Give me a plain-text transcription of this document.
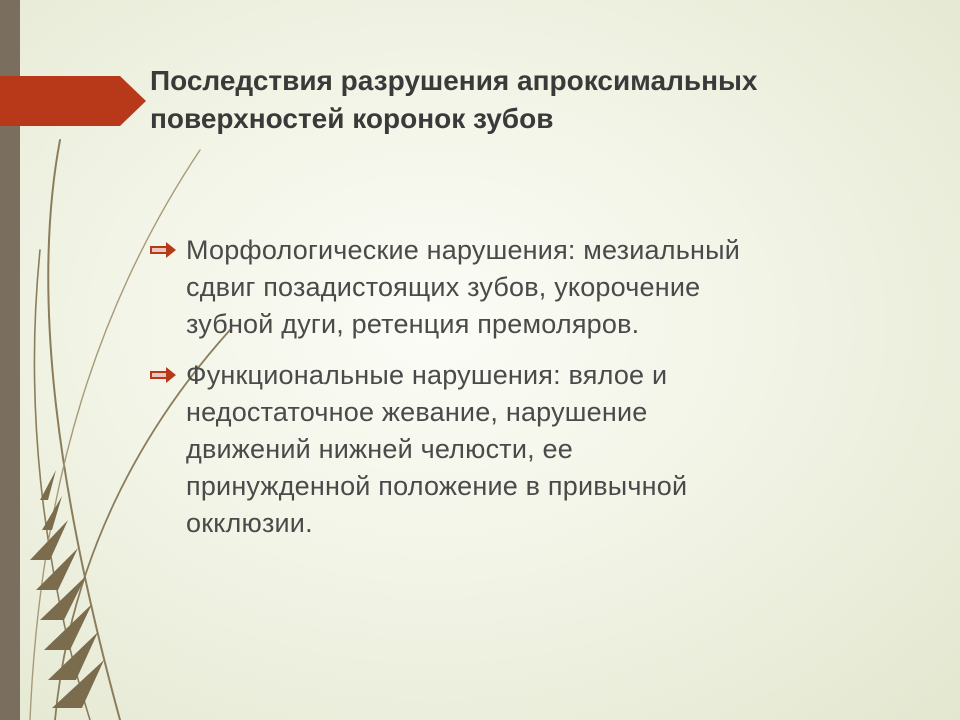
Последствия разрушения апроксимальных
поверхностей коронок зубов
Морфологические нарушения: мезиальный
сдвиг позадистоящих зубов, укорочение
зубной дуги, ретенция премоляров.
Функциональные нарушения: вялое и
недостаточное жевание, нарушение
движений нижней челюсти, ее
принужденной положение в привычной
окклюзии.
